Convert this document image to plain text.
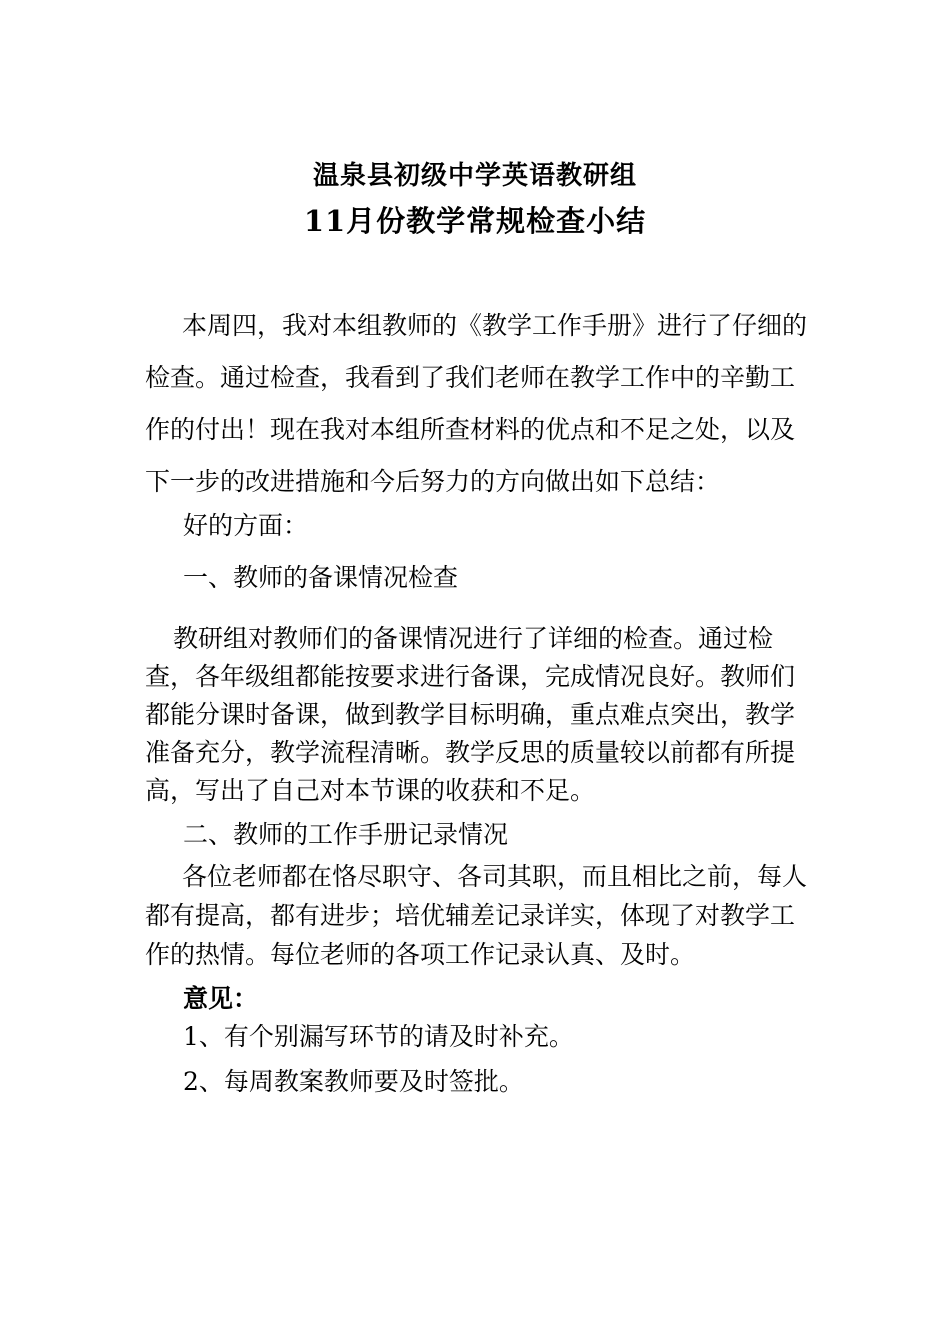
温泉县初级中学英语教研组
11月份教学常规检查小结

本周四，我对本组教师的《教学工作手册》进行了仔细的检查。通过检查，我看到了我们老师在教学工作中的辛勤工作的付出！现在我对本组所查材料的优点和不足之处，以及下一步的改进措施和今后努力的方向做出如下总结：

好的方面：

一、教师的备课情况检查

教研组对教师们的备课情况进行了详细的检查。通过检查，各年级组都能按要求进行备课，完成情况良好。教师们都能分课时备课，做到教学目标明确，重点难点突出，教学准备充分，教学流程清晰。教学反思的质量较以前都有所提高，写出了自己对本节课的收获和不足。

二、教师的工作手册记录情况

各位老师都在恪尽职守、各司其职，而且相比之前，每人都有提高，都有进步；培优辅差记录详实，体现了对教学工作的热情。每位老师的各项工作记录认真、及时。

意见：

1、有个别漏写环节的请及时补充。

2、每周教案教师要及时签批。
